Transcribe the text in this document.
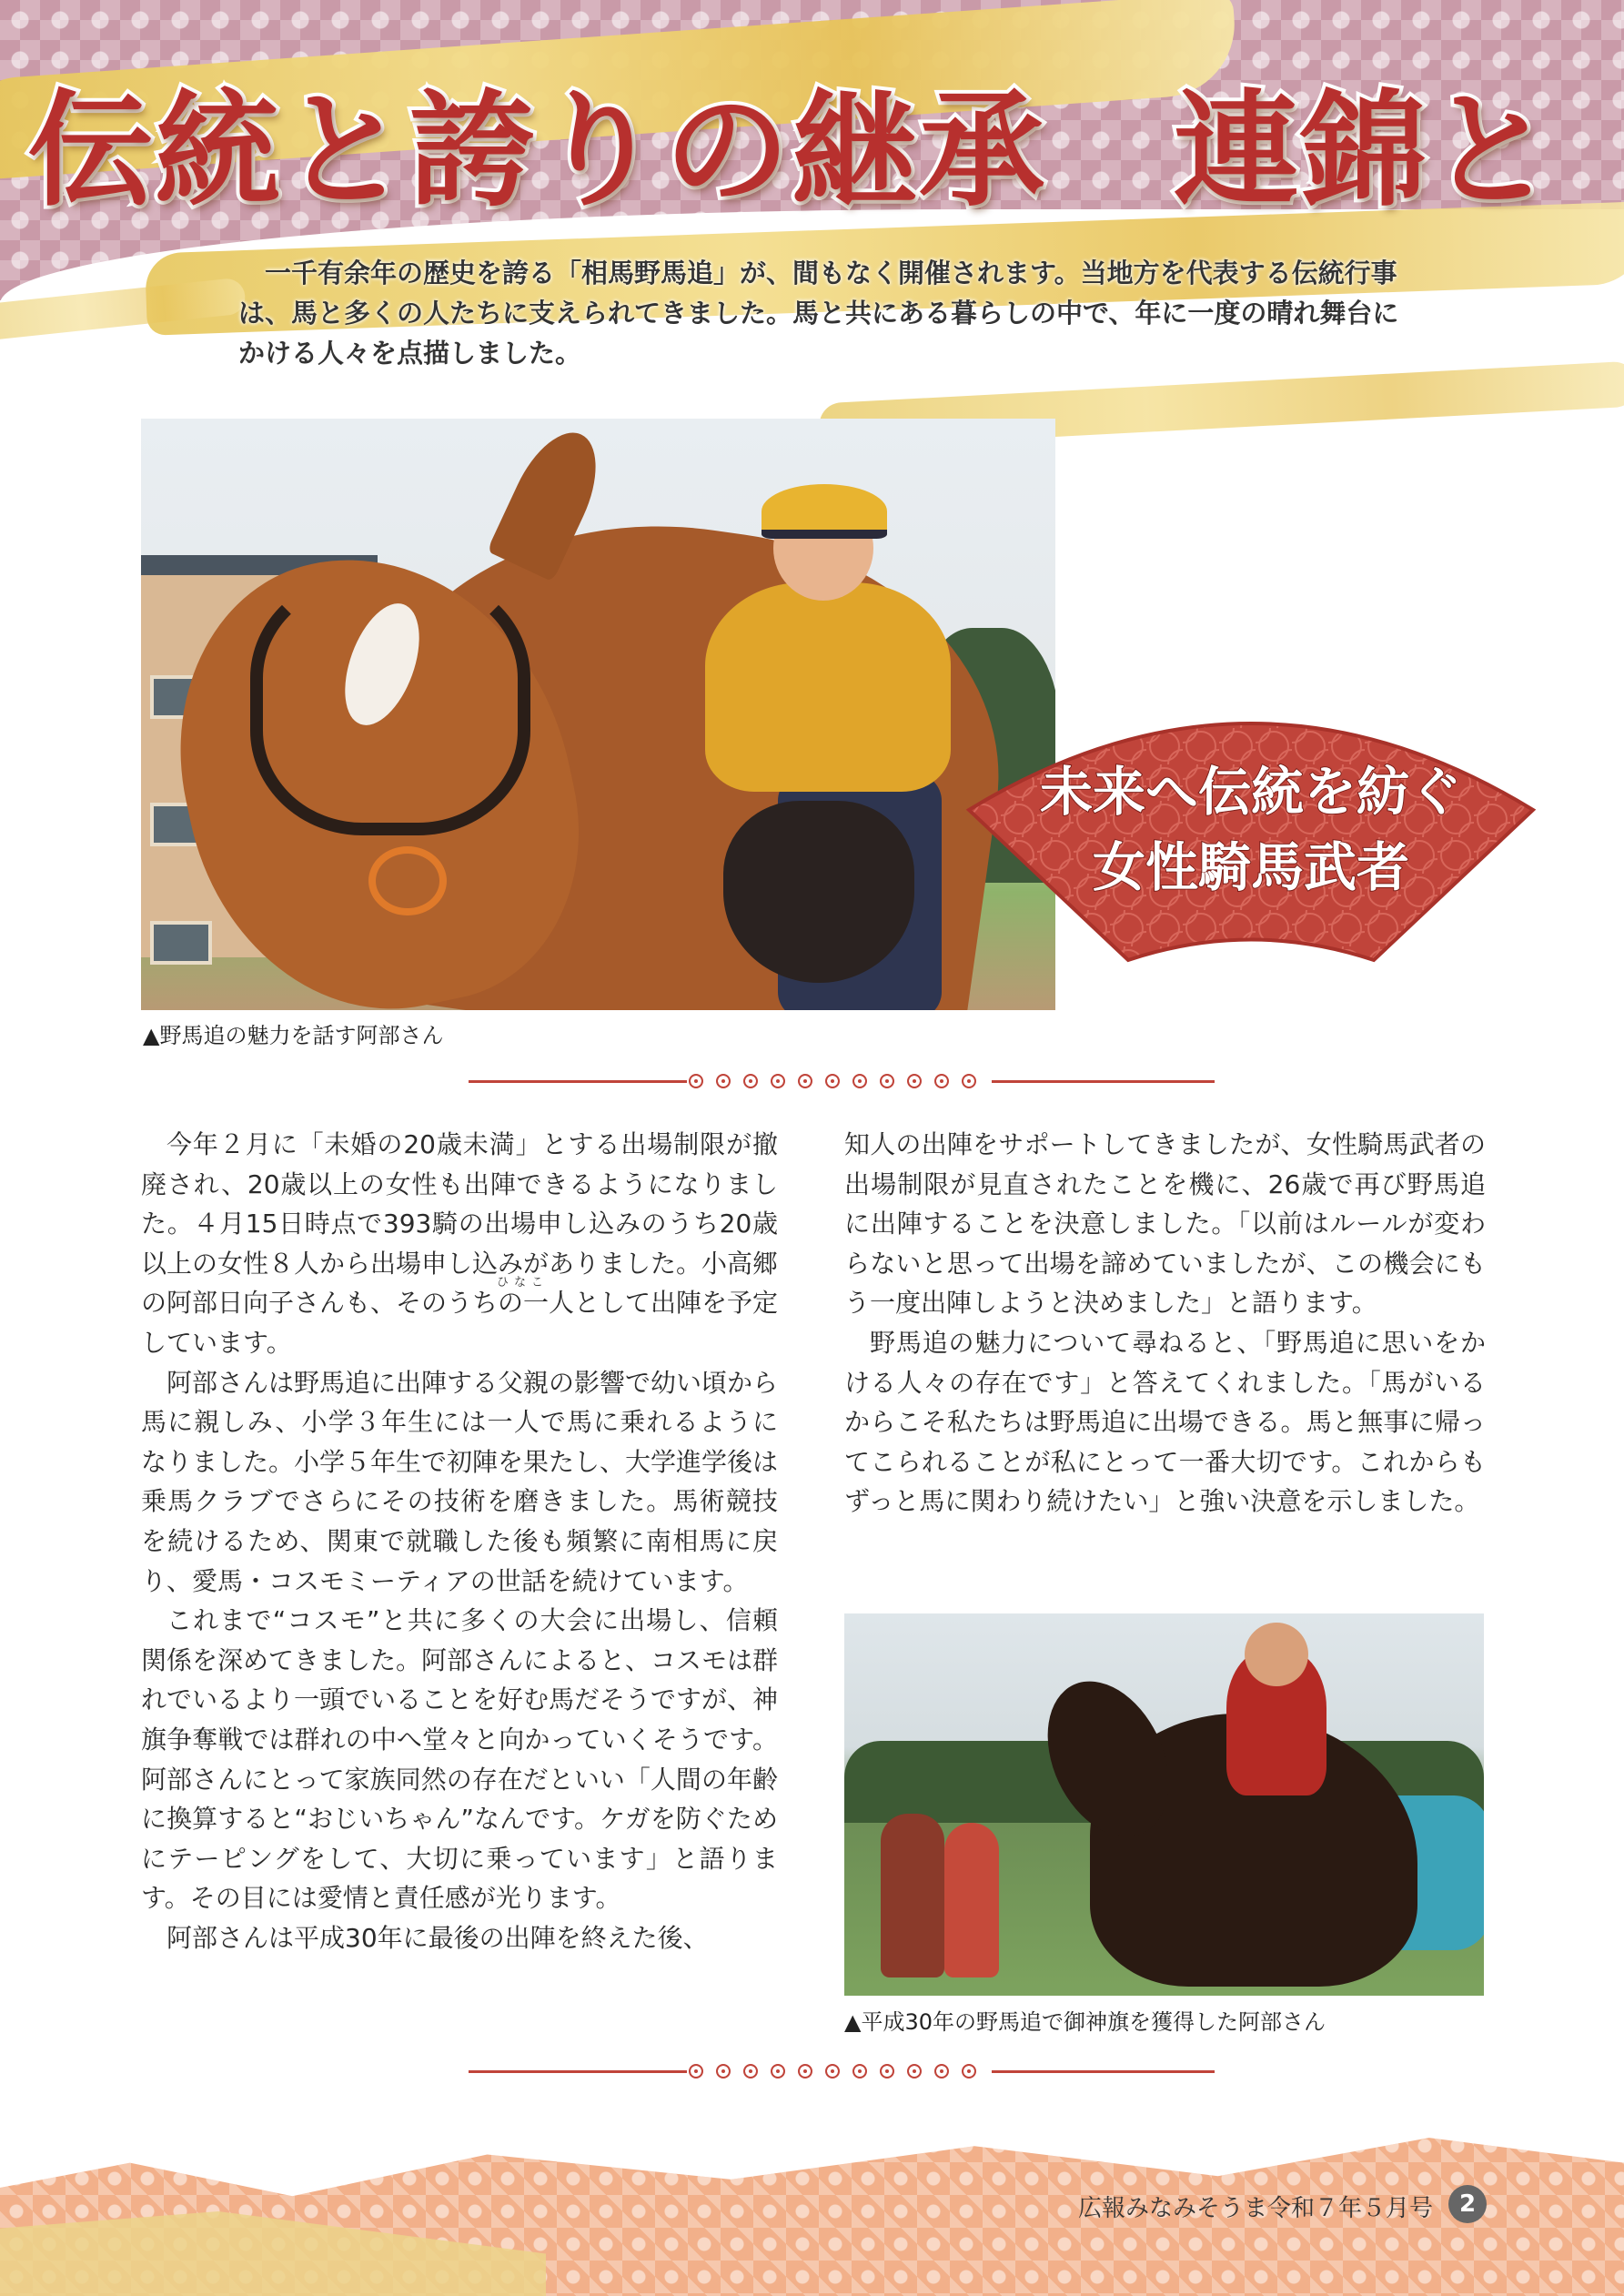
伝統と誇りの継承　連錦と
一千有余年の歴史を誇る「相馬野馬追」が、間もなく開催されます。当地方を代表する伝統行事は、馬と多くの人たちに支えられてきました。馬と共にある暮らしの中で、年に一度の晴れ舞台にかける人々を点描しました。
未来へ伝統を紡ぐ
女性騎馬武者
▲野馬追の魅力を話す阿部さん

今年２月に「未婚の20歳未満」とする出場制限が撤廃され、20歳以上の女性も出陣できるようになりました。４月15日時点で393騎の出場申し込みのうち20歳以上の女性８人から出場申し込みがありました。小高郷の阿部日向子さんも、そのうちの一人として出陣を予定しています。

阿部さんは野馬追に出陣する父親の影響で幼い頃から馬に親しみ、小学３年生には一人で馬に乗れるようになりました。小学５年生で初陣を果たし、大学進学後は乗馬クラブでさらにその技術を磨きました。馬術競技を続けるため、関東で就職した後も頻繁に南相馬に戻り、愛馬・コスモミーティアの世話を続けています。

これまで“コスモ”と共に多くの大会に出場し、信頼関係を深めてきました。阿部さんによると、コスモは群れでいるより一頭でいることを好む馬だそうですが、神旗争奪戦では群れの中へ堂々と向かっていくそうです。阿部さんにとって家族同然の存在だといい「人間の年齢に換算すると“おじいちゃん”なんです。ケガを防ぐためにテーピングをして、大切に乗っています」と語ります。その目には愛情と責任感が光ります。

阿部さんは平成30年に最後の出陣を終えた後、

ひなこ

知人の出陣をサポートしてきましたが、女性騎馬武者の出場制限が見直されたことを機に、26歳で再び野馬追に出陣することを決意しました。「以前はルールが変わらないと思って出場を諦めていましたが、この機会にもう一度出陣しようと決めました」と語ります。

野馬追の魅力について尋ねると、「野馬追に思いをかける人々の存在です」と答えてくれました。「馬がいるからこそ私たちは野馬追に出場できる。馬と無事に帰ってこられることが私にとって一番大切です。これからもずっと馬に関わり続けたい」と強い決意を示しました。

▲平成30年の野馬追で御神旗を獲得した阿部さん
広報みなみそうま令和７年５月号	2
